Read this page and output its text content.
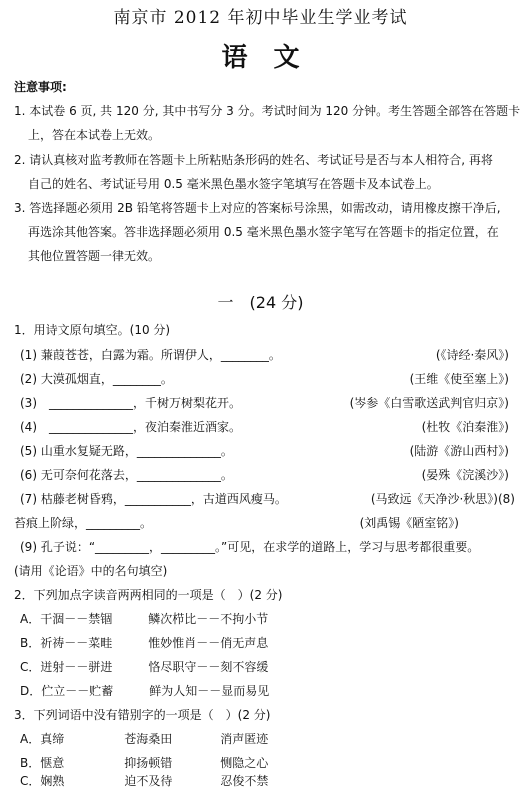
南京市 2012 年初中毕业生学业考试
语　文
注意事项:
1. 本试卷 6 页, 共 120 分, 其中书写分 3 分。考试时间为 120 分钟。考生答题全部答在答题卡
上，答在本试卷上无效。
2. 请认真核对监考教师在答题卡上所粘贴条形码的姓名、考试证号是否与本人相符合, 再将
自己的姓名、考试证号用 0.5 毫米黑色墨水签字笔填写在答题卡及本试卷上。
3. 答选择题必须用 2B 铅笔将答题卡上对应的答案标号涂黑，如需改动，请用橡皮擦干净后,
再选涂其他答案。答非选择题必须用 0.5 毫米黑色墨水签字笔写在答题卡的指定位置，在
其他位置答题一律无效。
一　(24 分)
1．用诗文原句填空。(10 分)
(1) 蒹葭苍苍，白露为霜。所谓伊人，________。	(《诗经·秦风》)
(2) 大漠孤烟直，________。	(王维《使至塞上》)
(3)　______________，千树万树梨花开。	(岑参《白雪歌送武判官归京》)
(4)　______________，夜泊秦淮近酒家。	(杜牧《泊秦淮》)
(5) 山重水复疑无路，______________。	(陆游《游山西村》)
(6) 无可奈何花落去，______________。	(晏殊《浣溪沙》)
(7) 枯藤老树昏鸦，___________，古道西风瘦马。	(马致远《天净沙·秋思》)(8)
苔痕上阶绿，_________。	(刘禹锡《陋室铭》)
(9) 孔子说：“_________，_________。”可见，在求学的道路上，学习与思考都很重要。
(请用《论语》中的名句填空)
2．下列加点字读音两两相同的一项是（　）(2 分)
A．干涸－－禁锢　　　鳞次栉比－－不拘小节
B．祈祷－－菜畦　　　惟妙惟肖－－俏无声息
C．迸射－－骈进　　　恪尽职守－－刻不容缓
D．伫立－－贮蓄　　　鲜为人知－－显而易见
3．下列词语中没有错别字的一项是（　）(2 分)
A．真缔　　　　　苍海桑田　　　　消声匿迹
B．惬意　　　　　抑扬顿错　　　　恻隐之心
C．娴熟　　　　　迫不及待　　　　忍俊不禁
